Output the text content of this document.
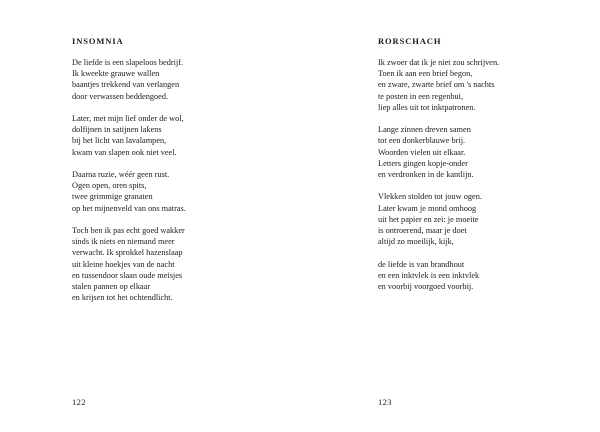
INSOMNIA
De liefde is een slapeloos bedrijf.
Ik kweekte grauwe wallen
baantjes trekkend van verlangen
door verwassen beddengoed.
Later, met mijn lief onder de wol,
dolfijnen in satijnen lakens
bij het licht van lavalampen,
kwam van slapen ook niet veel.
Daarna ruzie, wéér geen rust.
Ogen open, oren spits,
twee grimmige granaten
op het mijnenveld van ons matras.
Toch ben ik pas echt goed wakker
sinds ik niets en niemand meer
verwacht. Ik sprokkel hazenslaap
uit kleine hoekjes van de nacht
en tussendoor slaan oude meisjes
stalen pannen op elkaar
en krijsen tot het ochtendlicht.
122
RORSCHACH
Ik zwoer dat ik je niet zou schrijven.
Toen ik aan een brief begon,
en zware, zwarte brief om 's nachts
te posten in een regenbui,
liep alles uit tot inktpatronen.
Lange zinnen dreven samen
tot een donkerblauwe brij.
Woorden vielen uit elkaar.
Letters gingen kopje-onder
en verdronken in de kantlijn.
Vlekken stolden tot jouw ogen.
Later kwam je mond omhoog
uit het papier en zei: je moeite
is ontroerend, maar je doet
altijd zo moeilijk, kijk,
de liefde is van brandhout
en een inktvlek is een inktvlek
en voorbij voorgoed voorbij.
123
